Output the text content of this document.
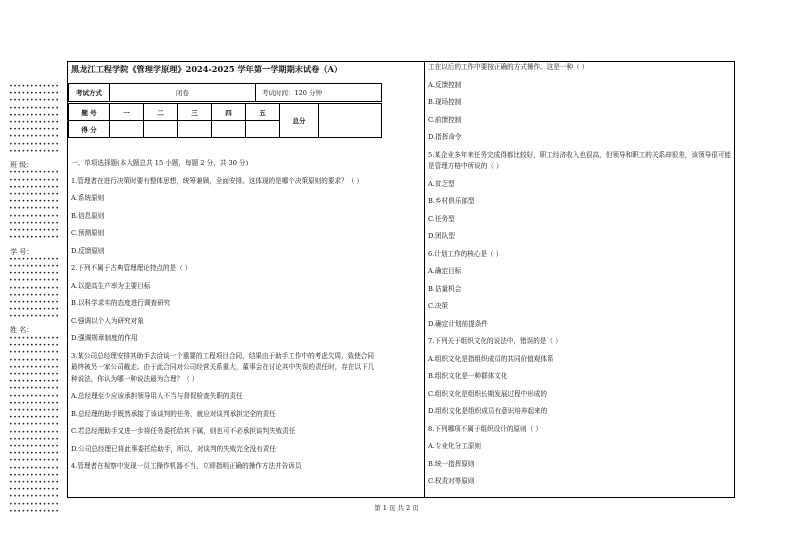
••••••••••••
••••••••••••
••••••••••••
••••••••••••
••••••••••••
••••••••••••
••••••••••••
••••••••••••
••••••••••••
••••••••••••
••••••••••••
••••••••••••
••••••••••••
••••••••••••
••••••••••••
••••••••••••
••••••••••••
••••••••••••
••••••••••••
••••••••••••
••••••••••••
••••••••••••
••••••••••••
••••••••••••
••••••••••••
••••••••••••
••••••••••••
••••••••••••
••••••••••••
••••••••••••
••••••••••••
••••••••••••
••••••••••••
••••••••••••
••••••••••••
••••••••••••
••••••••••••
••••••••••••
••••••••••••
••••••••••••
••••••••••••
••••••••••••
••••••••••••
••••••••••••
••••••••••••
••••••••••••
••••••••••••
••••••••••••
••••••••••••
••••••••••••
••••••••••••
••••••••••••
••••••••••••
••••••••••••
班 级：
学 号：
姓 名：
黑龙江工程学院《管理学原理》2024-2025 学年第一学期期末试卷（A）
考试方式	闭卷	考试时间：120 分钟
题 号	一	二	三	四	五	总分	
得 分							

一、单项选择题(本大题总共 15 小题，每题 2 分，共 30 分)

1.管理者在进行决策时要有整体思想，统筹兼顾，全面安排。这体现的是哪个决策原则的要求？（ ）

A.系统原则

B.信息原则

C.预测原则

D.反馈原则

2.下列不属于古典管理理论特点的是（ ）

A.以提高生产率为主要目标

B.以科学求实的态度进行调查研究

C.强调以个人为研究对象

D.强调规章制度的作用

3.某公司总经理安排其助手去洽谈一个重要的工程项目合同，结果由于助手工作中的考虑欠周，致使合同最终被另一家公司截走。由于此合同对公司经营关系重大，董事会在讨论其中失误的责任时，存在以下几种说法，你认为哪一种说法最为合理？（ ）

A.总经理至少应该承担领导用人不当与督促检查失职的责任

B.总经理的助手既然承接了该谈判的任务，就应对谈判承担完全的责任

C.若总经理助手又进一步将任务委托给其下属，则也可不必承担谈判失败责任

D.公司总经理已将此事委托给助手，所以，对谈判的失败完全没有责任

4.管理者在视察中发现一员工操作机器不当，立即指明正确的操作方法并告诉员

工在以后的工作中要按正确的方式操作。这是一种（ ）

A.反馈控制

B.现场控制

C.前馈控制

D.指挥命令

5.某企业多年来任务完成得都比较好，职工经济收入也很高，但领导和职工的关系却很差，该领导很可能是管理方格中所说的（ ）

A.贫乏型

B.乡村俱乐部型

C.任务型

D.团队型

6.计划工作的核心是（ ）

A.确定目标

B.估量机会

C.决策

D.确定计划前提条件

7.下列关于组织文化的说法中，错误的是（ ）

A.组织文化是指组织成员的共同价值观体系

B.组织文化是一种群体文化

C.组织文化是组织长期发展过程中形成的

D.组织文化是组织成员有意识培养起来的

8.下列哪项不属于组织设计的原则（ ）

A.专业化分工原则

B.统一指挥原则

C.权责对等原则

第 1 页 共 2 页
